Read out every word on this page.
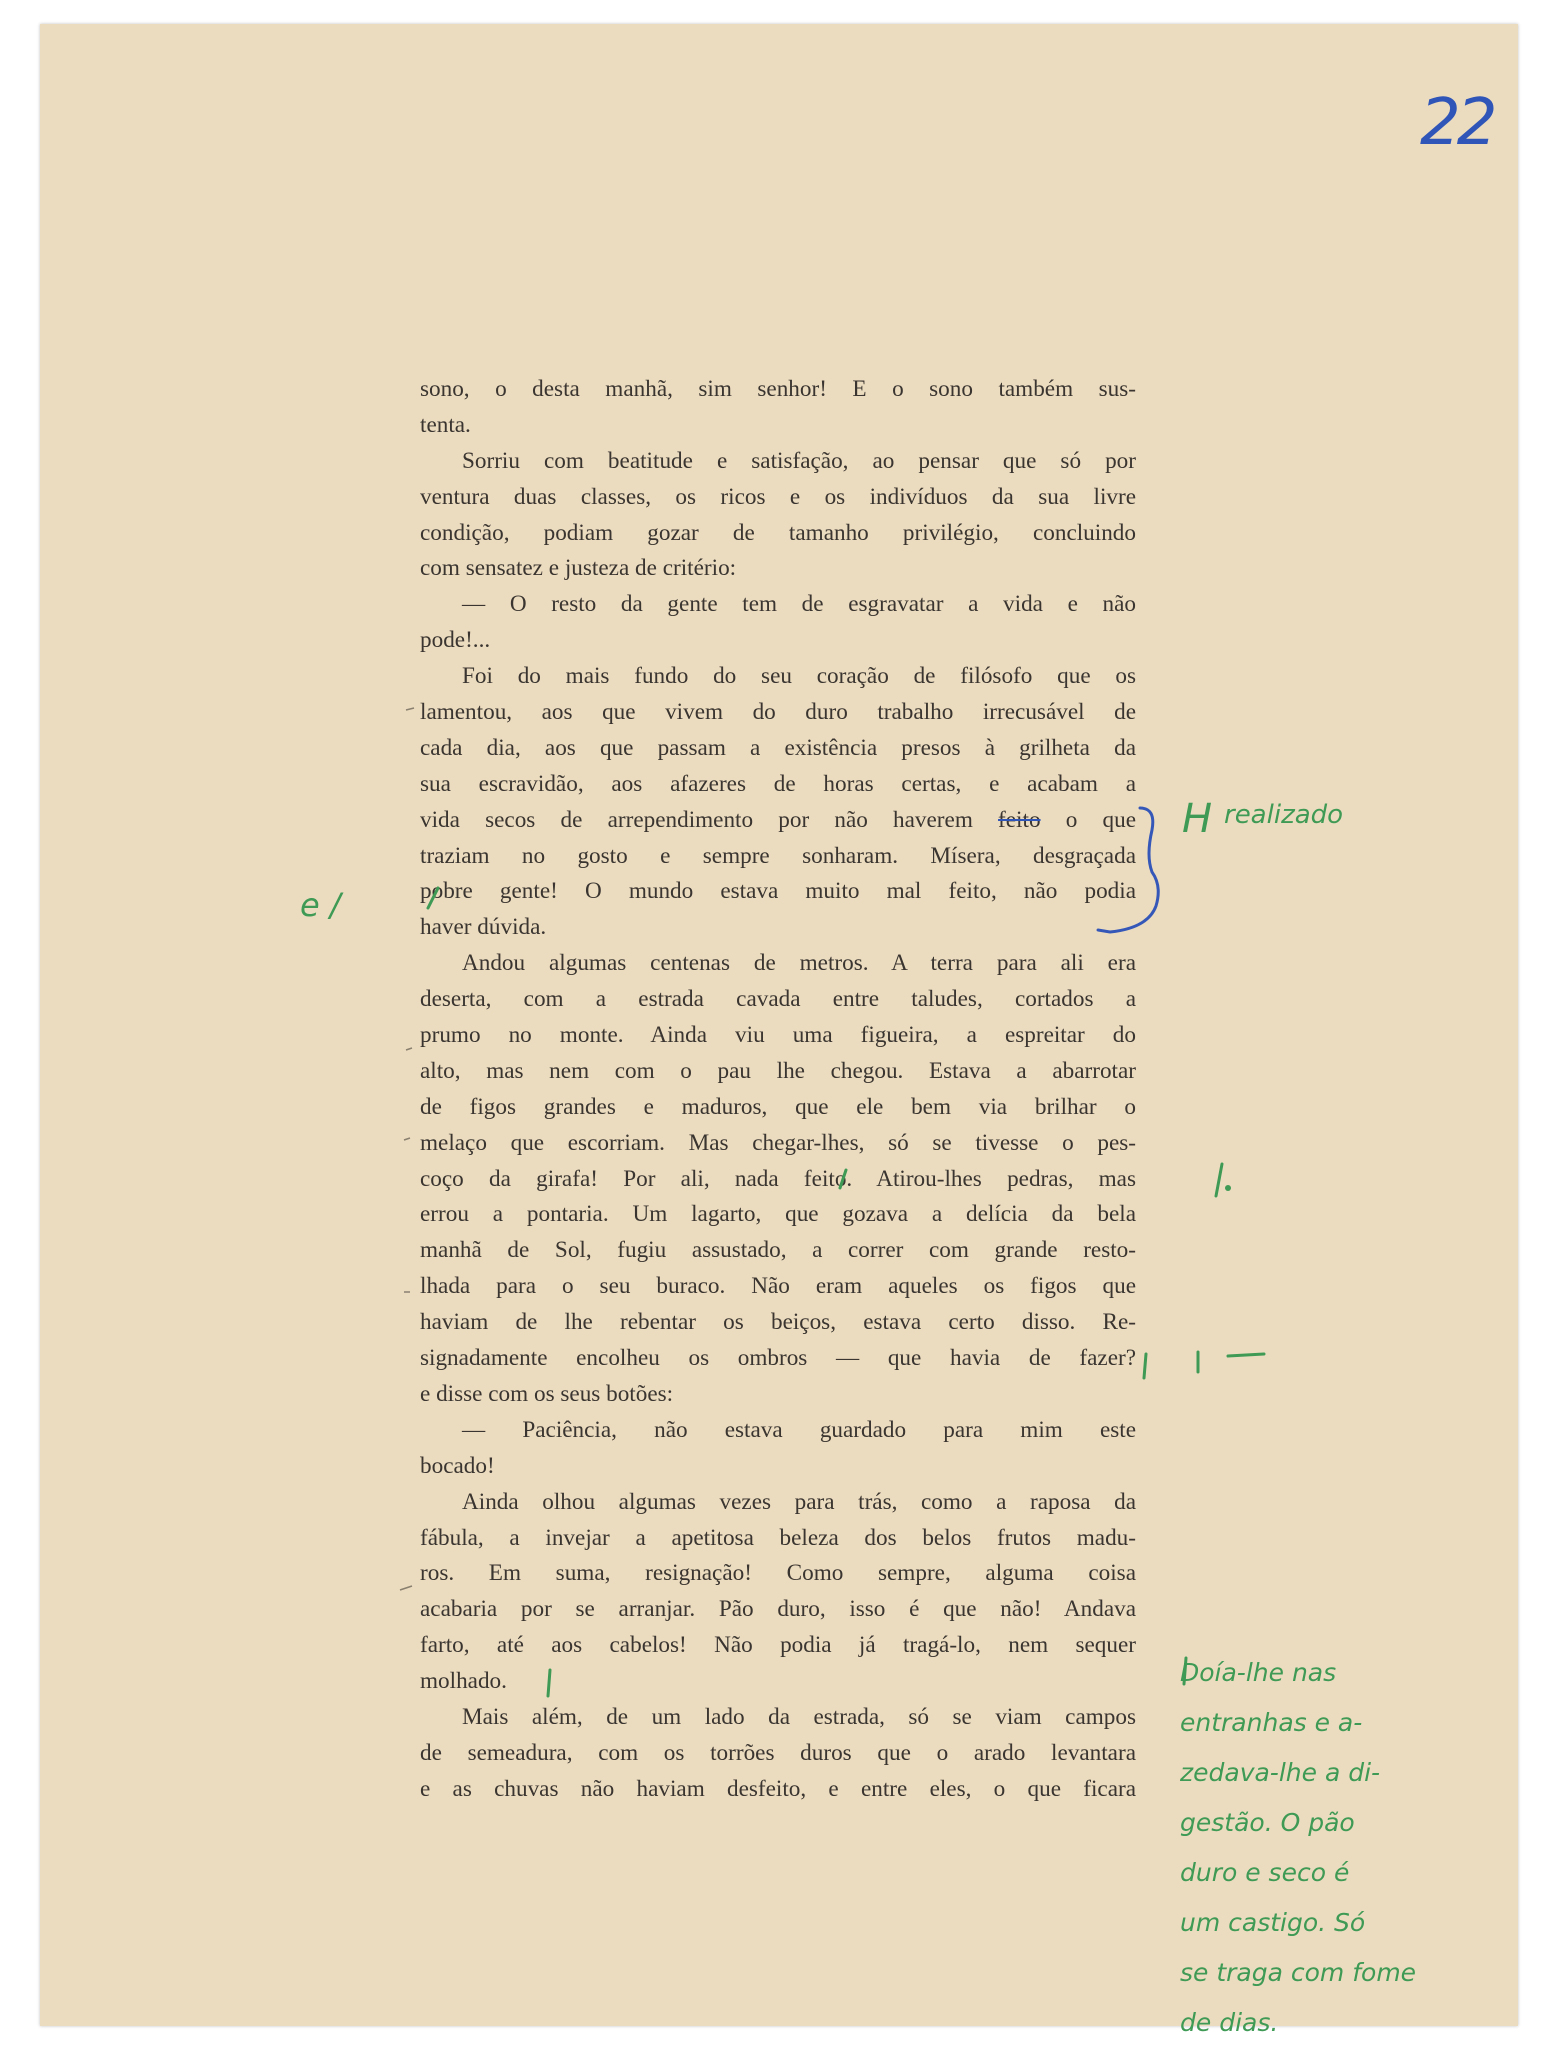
22
sono, o desta manhã, sim senhor! E o sono também sus-
tenta.
Sorriu com beatitude e satisfação, ao pensar que só por
ventura duas classes, os ricos e os indivíduos da sua livre
condição, podiam gozar de tamanho privilégio, concluindo
com sensatez e justeza de critério:
— O resto da gente tem de esgravatar a vida e não
pode!...
Foi do mais fundo do seu coração de filósofo que os
lamentou, aos que vivem do duro trabalho irrecusável de
cada dia, aos que passam a existência presos à grilheta da
sua escravidão, aos afazeres de horas certas, e acabam a
vida secos de arrependimento por não haverem feito o que
traziam no gosto e sempre sonharam. Mísera, desgraçada
pobre gente! O mundo estava muito mal feito, não podia
haver dúvida.
Andou algumas centenas de metros. A terra para ali era
deserta, com a estrada cavada entre taludes, cortados a
prumo no monte. Ainda viu uma figueira, a espreitar do
alto, mas nem com o pau lhe chegou. Estava a abarrotar
de figos grandes e maduros, que ele bem via brilhar o
melaço que escorriam. Mas chegar-lhes, só se tivesse o pes-
coço da girafa! Por ali, nada feito. Atirou-lhes pedras, mas
errou a pontaria. Um lagarto, que gozava a delícia da bela
manhã de Sol, fugiu assustado, a correr com grande resto-
lhada para o seu buraco. Não eram aqueles os figos que
haviam de lhe rebentar os beiços, estava certo disso. Re-
signadamente encolheu os ombros — que havia de fazer?
e disse com os seus botões:
— Paciência, não estava guardado para mim este
bocado!
Ainda olhou algumas vezes para trás, como a raposa da
fábula, a invejar a apetitosa beleza dos belos frutos madu-
ros. Em suma, resignação! Como sempre, alguma coisa
acabaria por se arranjar. Pão duro, isso é que não! Andava
farto, até aos cabelos! Não podia já tragá-lo, nem sequer
molhado.
Mais além, de um lado da estrada, só se viam campos
de semeadura, com os torrões duros que o arado levantara
e as chuvas não haviam desfeito, e entre eles, o que ficara
H realizado
e /
Doía-lhe nas
entranhas e a-
zedava-lhe a di-
gestão. O pão
duro e seco é
um castigo. Só
se traga com fome
de dias.
